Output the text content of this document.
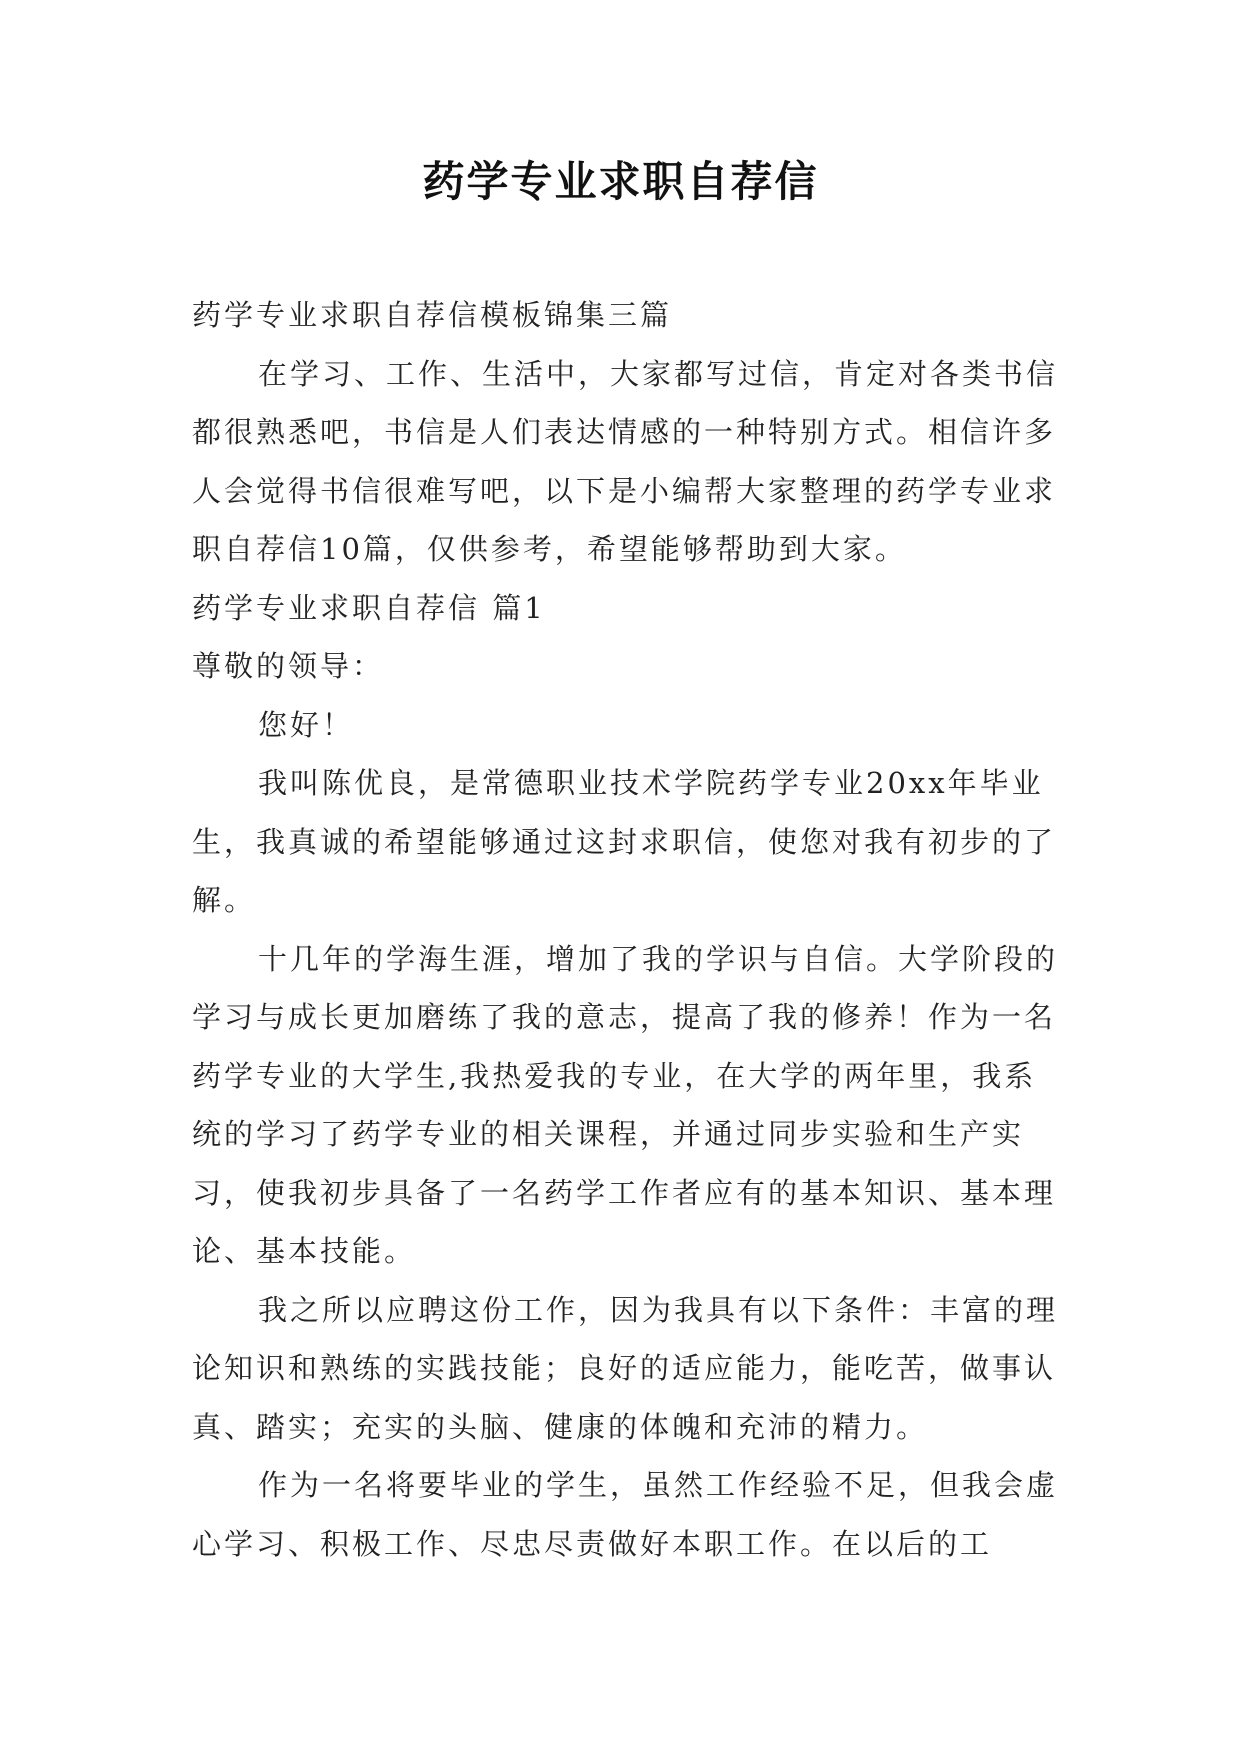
药学专业求职自荐信

药学专业求职自荐信模板锦集三篇

在学习、工作、生活中，大家都写过信，肯定对各类书信都很熟悉吧，书信是人们表达情感的一种特别方式。相信许多人会觉得书信很难写吧，以下是小编帮大家整理的药学专业求职自荐信10篇，仅供参考，希望能够帮助到大家。

药学专业求职自荐信 篇1

尊敬的领导：

您好！

我叫陈优良，是常德职业技术学院药学专业20xx年毕业生，我真诚的希望能够通过这封求职信，使您对我有初步的了解。

十几年的学海生涯，增加了我的学识与自信。大学阶段的学习与成长更加磨练了我的意志，提高了我的修养！作为一名药学专业的大学生,我热爱我的专业，在大学的两年里，我系统的学习了药学专业的相关课程，并通过同步实验和生产实习，使我初步具备了一名药学工作者应有的基本知识、基本理论、基本技能。

我之所以应聘这份工作，因为我具有以下条件：丰富的理论知识和熟练的实践技能；良好的适应能力，能吃苦，做事认真、踏实；充实的头脑、健康的体魄和充沛的精力。

作为一名将要毕业的学生，虽然工作经验不足，但我会虚心学习、积极工作、尽忠尽责做好本职工作。在以后的工
